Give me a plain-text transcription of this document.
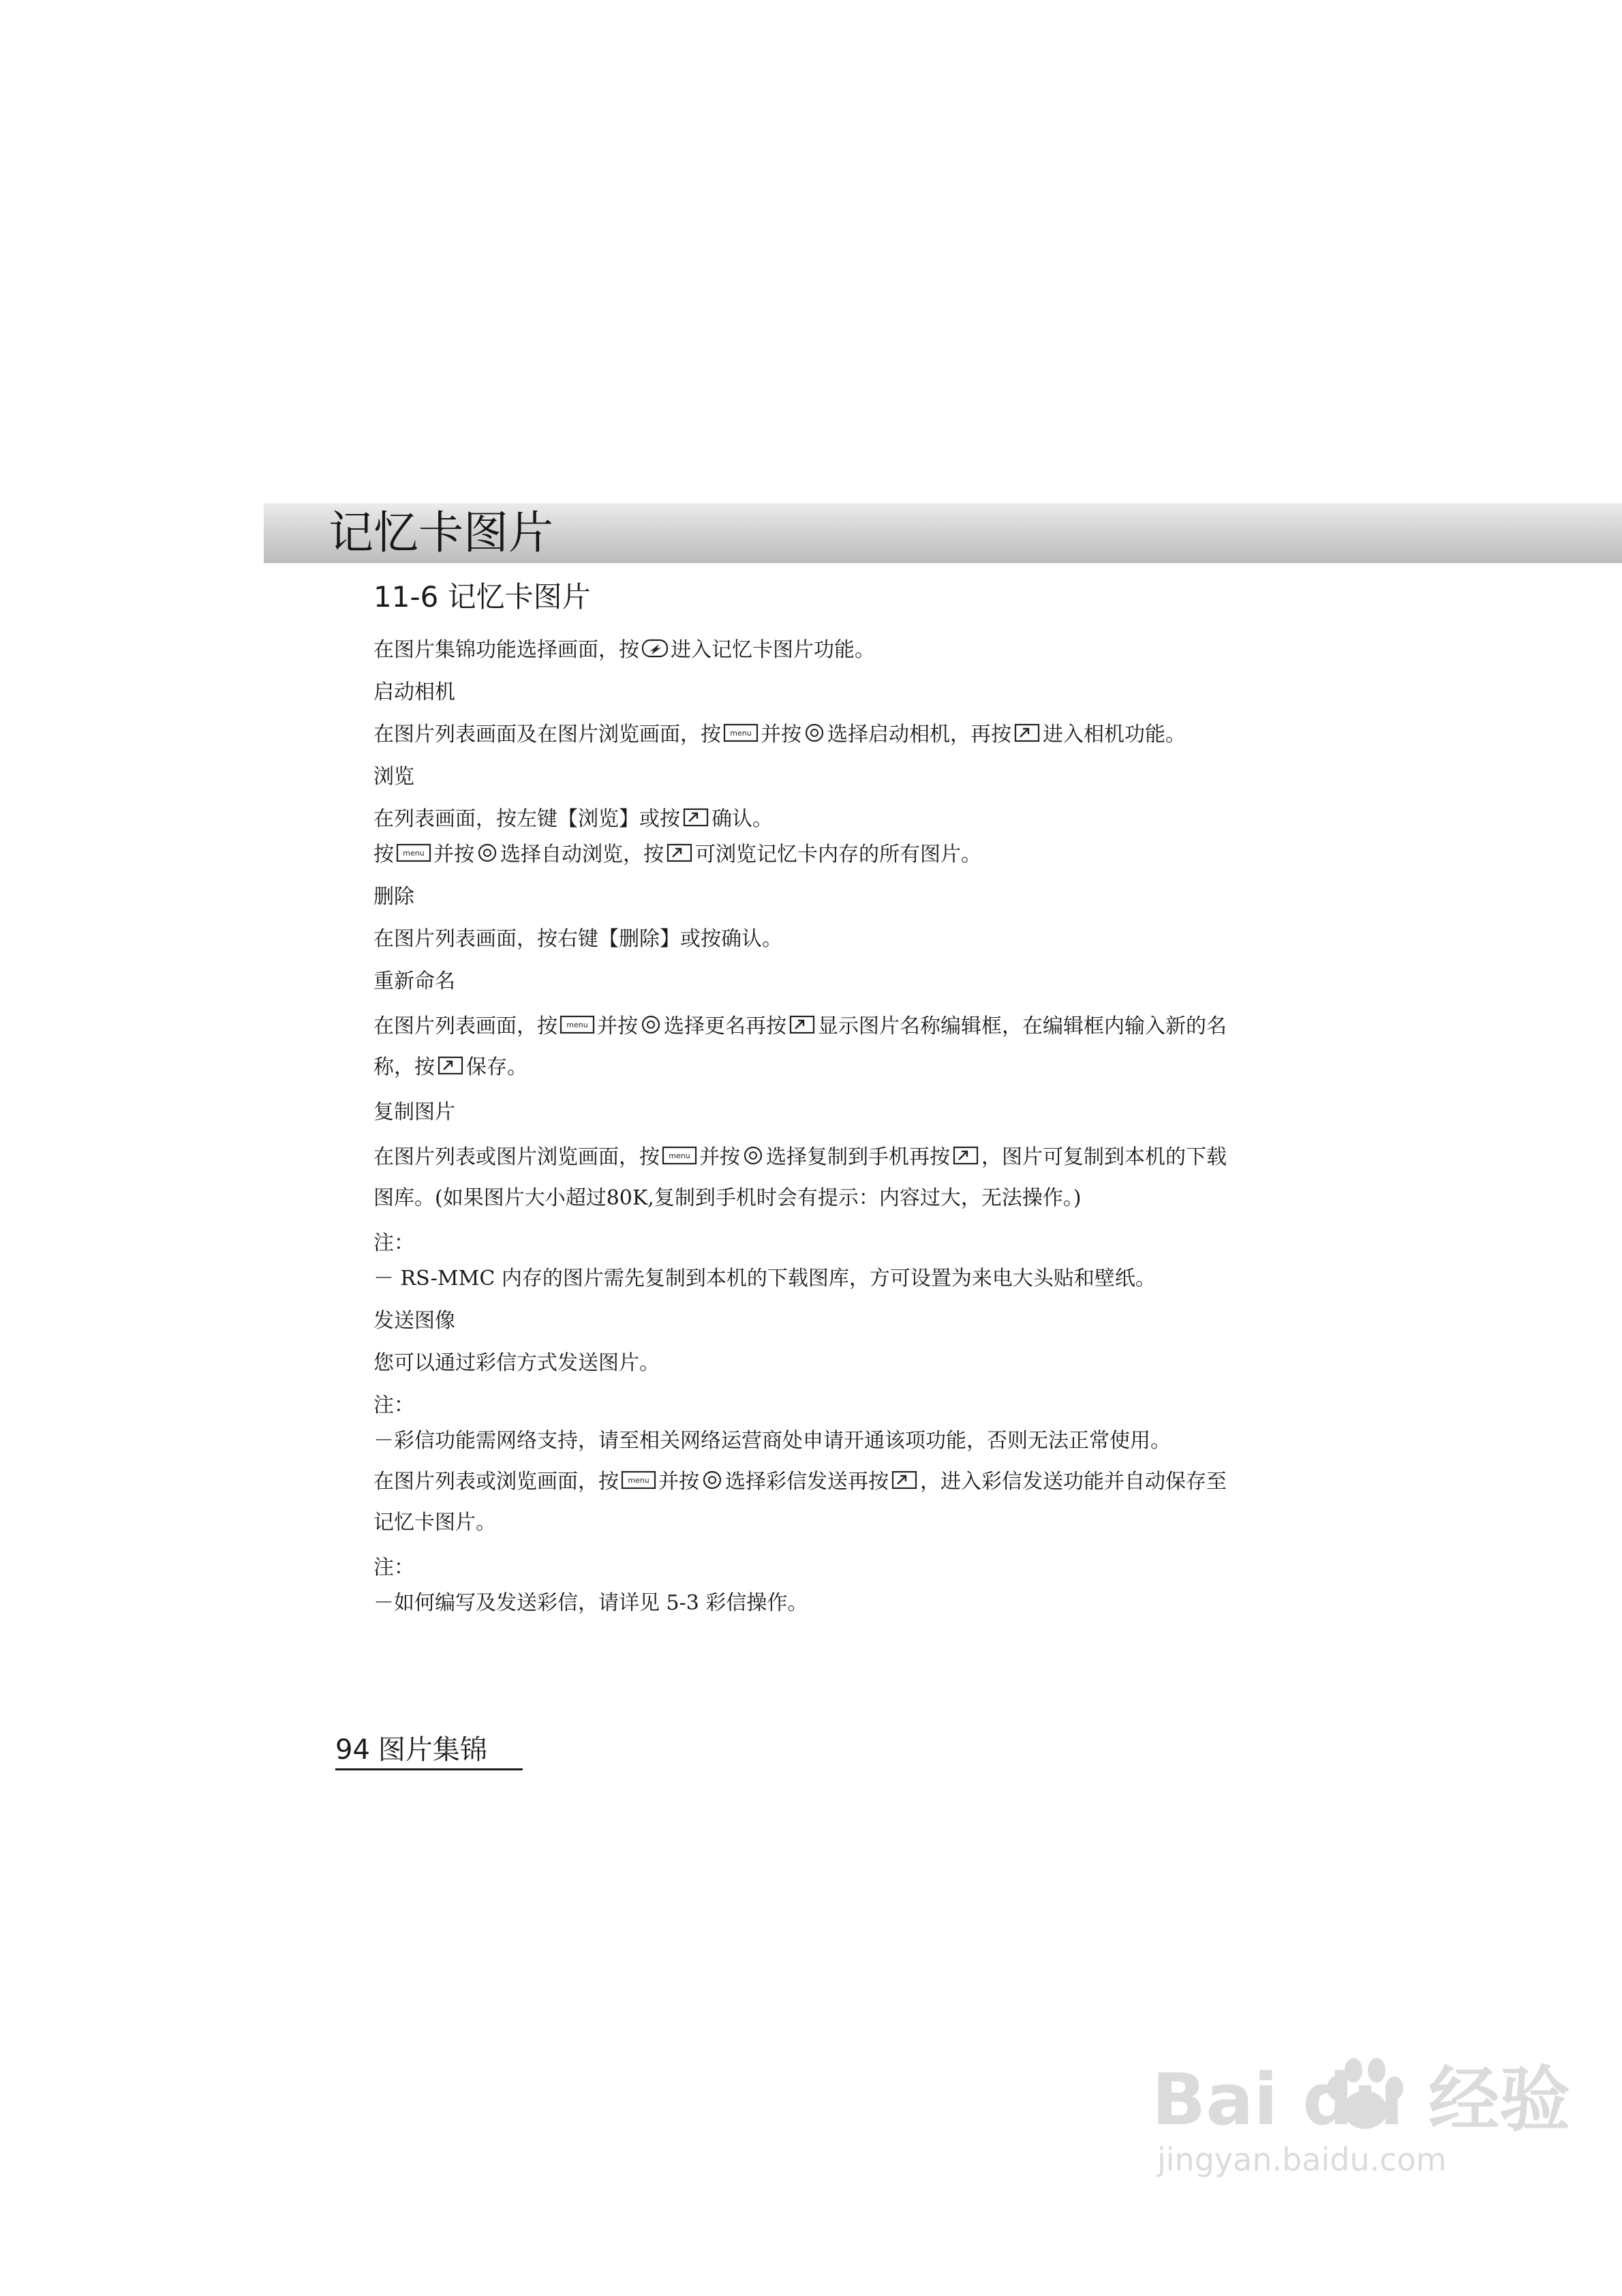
记忆卡图片
11-6 记忆卡图片
在图片集锦功能选择画面，按 进入记忆卡图片功能。
启动相机
在图片列表画面及在图片浏览画面，按 menu 并按 选择启动相机，再按 进入相机功能。
浏览
在列表画面，按左键【浏览】或按 确认。
按 menu 并按 选择自动浏览，按 可浏览记忆卡内存的所有图片。
删除
在图片列表画面，按右键【删除】或按确认。
重新命名
在图片列表画面，按 menu 并按 选择更名再按 显示图片名称编辑框，在编辑框内输入新的名称，按 保存。
复制图片
在图片列表或图片浏览画面，按 menu 并按 选择复制到手机再按 ，图片可复制到本机的下载图库。(如果图片大小超过80K,复制到手机时会有提示：内容过大，无法操作。)
注：
－ RS-MMC 内存的图片需先复制到本机的下载图库，方可设置为来电大头贴和壁纸。
发送图像
您可以通过彩信方式发送图片。
注：
－彩信功能需网络支持，请至相关网络运营商处申请开通该项功能，否则无法正常使用。
在图片列表或浏览画面，按 menu 并按 选择彩信发送再按 ，进入彩信发送功能并自动保存至记忆卡图片。
注：
－如何编写及发送彩信，请详见 5-3 彩信操作。
94 图片集锦
Bai du 经验
jingyan.baidu.com
